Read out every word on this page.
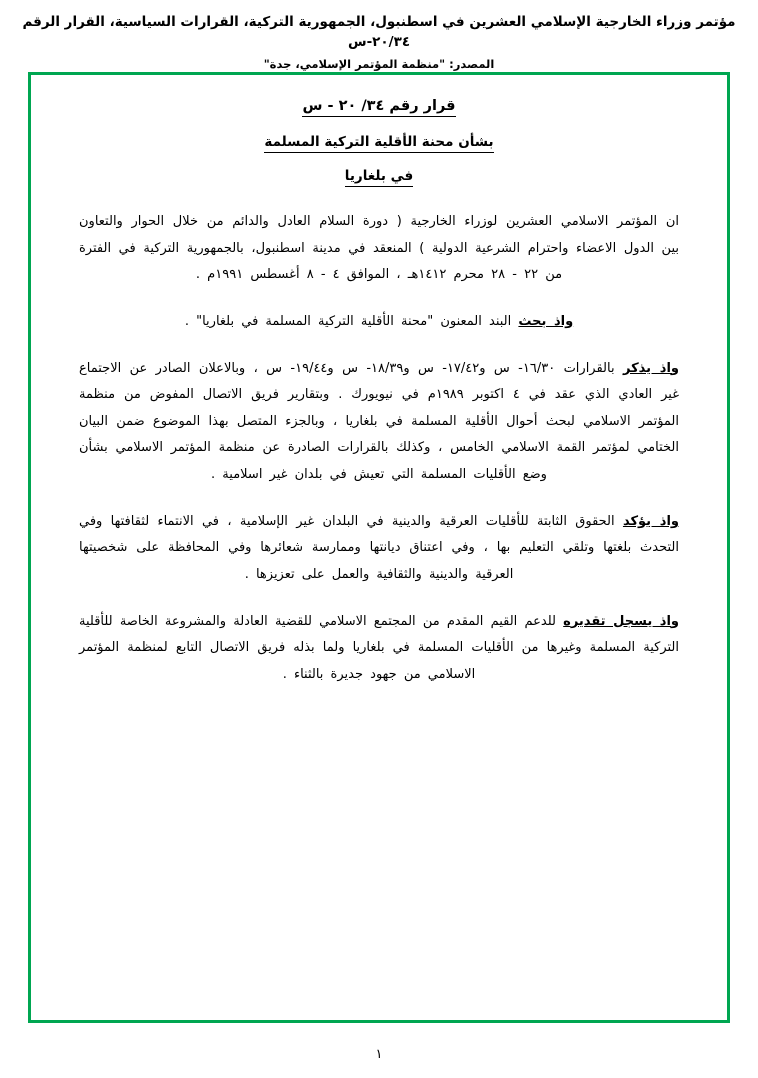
مؤتمر وزراء الخارجية الإسلامي العشرين في اسطنبول، الجمهورية التركية، القرارات السياسية، القرار الرقم ٢٠/٣٤-س
المصدر: "منظمة المؤتمر الإسلامي، جدة"
قرار رقم ٣٤/ ٢٠ - س
بشأن محنة الأقلية التركية المسلمة
في بلغاريا

ان المؤتمر الاسلامي العشرين لوزراء الخارجية ( دورة السلام العادل والدائم من خلال الحوار والتعاون بين الدول الاعضاء واحترام الشرعية الدولية ) المنعقد في مدينة اسطنبول، بالجمهورية التركية في الفترة من ٢٢ - ٢٨ محرم ١٤١٢هـ ، الموافق ٤ - ٨ أغسطس ١٩٩١م .

واذ بحث البند المعنون "محنة الأقلية التركية المسلمة في بلغاريا" .

واذ يذكر بالقرارات ١٦/٣٠- س و١٧/٤٢- س و١٨/٣٩- س و١٩/٤٤- س ، وبالاعلان الصادر عن الاجتماع غير العادي الذي عقد في ٤ اكتوبر ١٩٨٩م في نيويورك . وبتقارير فريق الاتصال المفوض من منظمة المؤتمر الاسلامي لبحث أحوال الأقلية المسلمة في بلغاريا ، وبالجزء المتصل بهذا الموضوع ضمن البيان الختامي لمؤتمر القمة الاسلامي الخامس ، وكذلك بالقرارات الصادرة عن منظمة المؤتمر الاسلامي بشأن وضع الأقليات المسلمة التي تعيش في بلدان غير اسلامية .

واذ يؤكد الحقوق الثابتة للأقليات العرقية والدينية في البلدان غير الإسلامية ، في الانتماء لثقافتها وفي التحدث بلغتها وتلقي التعليم بها ، وفي اعتناق ديانتها وممارسة شعائرها وفي المحافظة على شخصيتها العرقية والدينية والثقافية والعمل على تعزيزها .

واذ يسجل تقديره للدعم القيم المقدم من المجتمع الاسلامي للقضية العادلة والمشروعة الخاصة للأقلية التركية المسلمة وغيرها من الأقليات المسلمة في بلغاريا ولما بذله فريق الاتصال التابع لمنظمة المؤتمر الاسلامي من جهود جديرة بالثناء .

١
